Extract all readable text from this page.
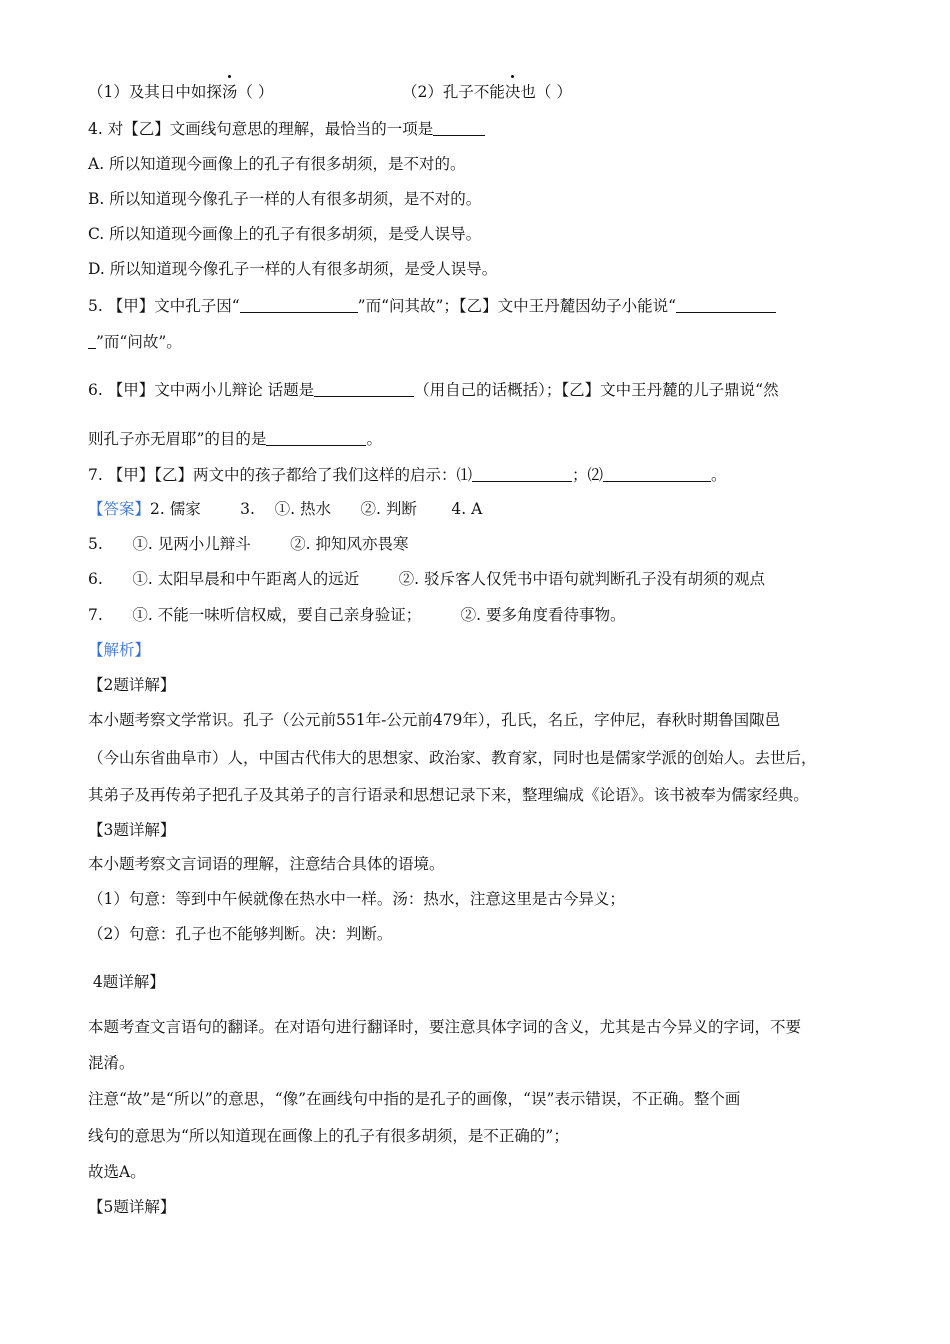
（1）及其日中如探汤（ ）	（2）孔子不能决也（ ）
4. 对【乙】文画线句意思的理解，最恰当的一项是
A. 所以知道现今画像上的孔子有很多胡须，是不对的。
B. 所以知道现今像孔子一样的人有很多胡须，是不对的。
C. 所以知道现今画像上的孔子有很多胡须，是受人误导。
D. 所以知道现今像孔子一样的人有很多胡须，是受人误导。
5. 【甲】文中孔子因“	”而“问其故”；【乙】文中王丹麓因幼子小能说“
”而“问故”。
6. 【甲】文中两小儿辩论 话题是	（用自己的话概括）；【乙】文中王丹麓的儿子鼎说“然
则孔子亦无眉耶”的目的是	。
7. 【甲】【乙】两文中的孩子都给了我们这样的启示：⑴	；⑵	。
【答案】2. 儒家        3.    ①. 热水      ②. 判断       4. A
5.      ①. 见两小儿辩斗        ②. 抑知风亦畏寒
6.      ①. 太阳早晨和中午距离人的远近        ②. 驳斥客人仅凭书中语句就判断孔子没有胡须的观点
7.      ①. 不能一味听信权威，要自己亲身验证；        ②. 要多角度看待事物。
【解析】
【2题详解】
本小题考察文学常识。孔子（公元前551年-公元前479年），孔氏，名丘，字仲尼，春秋时期鲁国陬邑
（今山东省曲阜市）人，中国古代伟大的思想家、政治家、教育家，同时也是儒家学派的创始人。去世后，
其弟子及再传弟子把孔子及其弟子的言行语录和思想记录下来，整理编成《论语》。该书被奉为儒家经典。
【3题详解】
本小题考察文言词语的理解，注意结合具体的语境。
（1）句意：等到中午候就像在热水中一样。汤：热水，注意这里是古今异义；
（2）句意：孔子也不能够判断。决：判断。
4题详解】
本题考查文言语句的翻译。在对语句进行翻译时，要注意具体字词的含义，尤其是古今异义的字词，不要
混淆。
注意“故”是“所以”的意思，“像”在画线句中指的是孔子的画像，“误”表示错误，不正确。整个画
线句的意思为“所以知道现在画像上的孔子有很多胡须，是不正确的”；
故选A。
【5题详解】
